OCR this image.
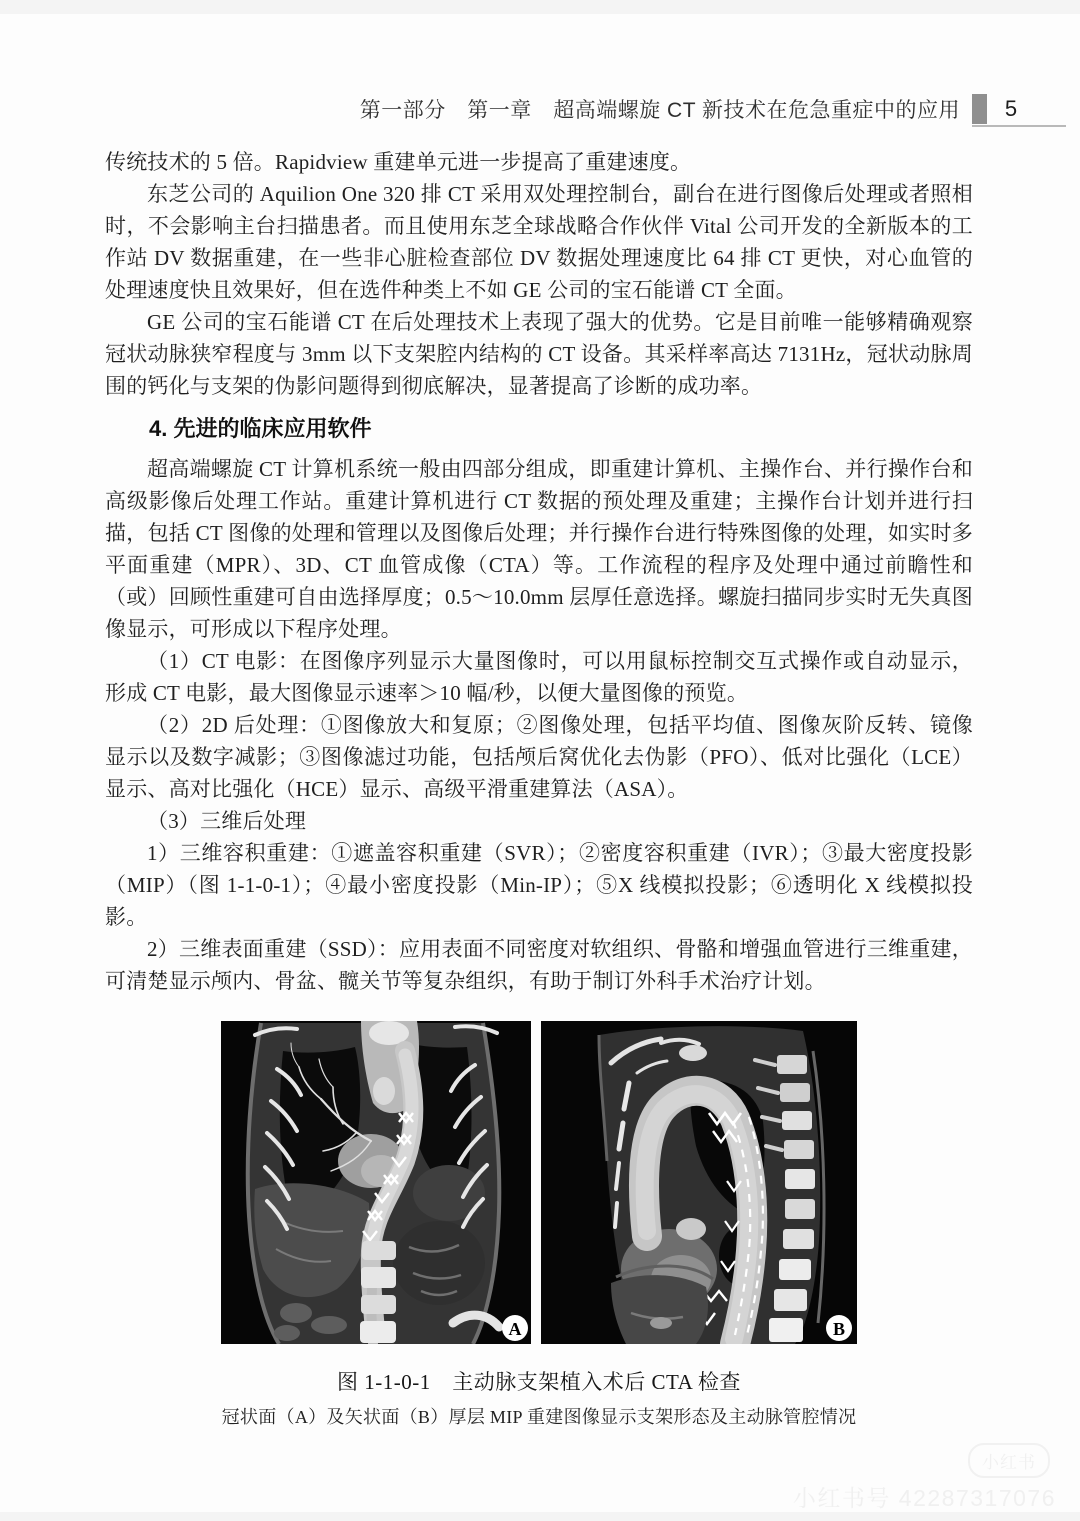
第一部分　第一章　超高端螺旋 CT 新技术在危急重症中的应用	5

传统技术的 5 倍。Rapidview 重建单元进一步提高了重建速度。

东芝公司的 Aquilion One 320 排 CT 采用双处理控制台，副台在进行图像后处理或者照相时，不会影响主台扫描患者。而且使用东芝全球战略合作伙伴 Vital 公司开发的全新版本的工作站 DV 数据重建，在一些非心脏检查部位 DV 数据处理速度比 64 排 CT 更快，对心血管的处理速度快且效果好，但在选件种类上不如 GE 公司的宝石能谱 CT 全面。

GE 公司的宝石能谱 CT 在后处理技术上表现了强大的优势。它是目前唯一能够精确观察冠状动脉狭窄程度与 3mm 以下支架腔内结构的 CT 设备。其采样率高达 7131Hz，冠状动脉周围的钙化与支架的伪影问题得到彻底解决，显著提高了诊断的成功率。

4. 先进的临床应用软件

超高端螺旋 CT 计算机系统一般由四部分组成，即重建计算机、主操作台、并行操作台和高级影像后处理工作站。重建计算机进行 CT 数据的预处理及重建；主操作台计划并进行扫描，包括 CT 图像的处理和管理以及图像后处理；并行操作台进行特殊图像的处理，如实时多平面重建（MPR）、3D、CT 血管成像（CTA）等。工作流程的程序及处理中通过前瞻性和（或）回顾性重建可自由选择厚度；0.5～10.0mm 层厚任意选择。螺旋扫描同步实时无失真图像显示，可形成以下程序处理。

（1）CT 电影：在图像序列显示大量图像时，可以用鼠标控制交互式操作或自动显示，形成 CT 电影，最大图像显示速率＞10 幅/秒，以便大量图像的预览。

（2）2D 后处理：①图像放大和复原；②图像处理，包括平均值、图像灰阶反转、镜像显示以及数字减影；③图像滤过功能，包括颅后窝优化去伪影（PFO）、低对比强化（LCE）显示、高对比强化（HCE）显示、高级平滑重建算法（ASA）。

（3）三维后处理

1）三维容积重建：①遮盖容积重建（SVR）；②密度容积重建（IVR）；③最大密度投影（MIP）（图 1-1-0-1）；④最小密度投影（Min-IP）；⑤X 线模拟投影；⑥透明化 X 线模拟投影。

2）三维表面重建（SSD）：应用表面不同密度对软组织、骨骼和增强血管进行三维重建，可清楚显示颅内、骨盆、髋关节等复杂组织，有助于制订外科手术治疗计划。

A	B
图 1-1-0-1　主动脉支架植入术后 CTA 检查
冠状面（A）及矢状面（B）厚层 MIP 重建图像显示支架形态及主动脉管腔情况
小红书
小红书号 42287317076
